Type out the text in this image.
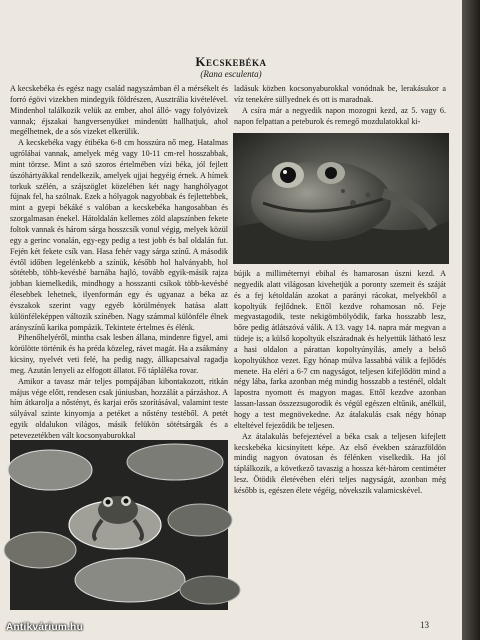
Kecskebéka
(Rana esculenta)

A kecskebéka és egész nagy család nagyszámban él a mérsékelt és forró égövi vizekben mindegyik földrészen, Ausztrália kivételével. Mindenhol találkozik velük az ember, ahol álló- vagy folyóvizek vannak; éjszakai hangversenyüket mindenütt hallhatjuk, ahol megélhetnek, de a sós vizeket elkerülik.

A kecskebéka vagy étibéka 6-8 cm hosszúra nő meg. Hatalmas ugrólábai vannak, amelyek még vagy 10-11 cm-rel hosszabbak, mint törzse. Mint a szó szoros értelmében vízi béka, jól fejlett úszóhártyákkal rendelkezik, amelyek ujjai hegyéig érnek. A hímek torkuk szélén, a szájszöglet közelében két nagy hanghólyagot fújnak fel, ha szólnak. Ezek a hólyagok nagyobbak és fejlettebbek, mint a gyepi békáké s valóban a kecskebéka hangosabban és szorgalmasan énekel. Hátoldalán kellemes zöld alapszínben fekete foltok vannak és három sárga hosszcsík vonul végig, melyek közül egy a gerinc vonalán, egy-egy pedig a test jobb és bal oldalán fut. Fején két fekete csík van. Hasa fehér vagy sárga színű. A második évtől időben legelénkebb a színük, később hol halványabb, hol sötétebb, több-kevésbé barnába hajló, tovább egyik-másik rajza jobban kiemelkedik, mindhogy a hosszanti csíkok több-kevésbé élesebbek lehetnek, ilyenformán egy és ugyanaz a béka az évszakok szerint vagy egyéb körülmények hatása alatt különféleképpen változik színében. Nagy számmal különféle élnek arányszínű karika pompázik. Tekintete értelmes és élénk.

Pihenőhelyéről, mintha csak lesben állana, mindenre figyel, ami körülötte történik és ha préda közeleg, rávet magát. Ha a zsákmány kicsiny, nyelvét veti felé, ha pedig nagy, állkapcsaival ragadja meg. Azután lenyeli az elfogott állatot. Fő tápláléka rovar.

Amikor a tavasz már teljes pompájában kibontakozott, ritkán május vége előtt, rendesen csak júniusban, hozzálát a párzáshoz. A hím átkarolja a nőstényt, és karjai erős szorításával, valamint teste súlyával szinte kinyomja a petéket a nőstény testéből. A petét egyik oldalukon világos, másik felükön sötétsárgák és a petevezetékben vált kocsonyaburokkal

ladásuk közben kocsonyaburokkal vonódnak be, lerakásukor a víz tenekére süllyednek és ott is maradnak.

A csíra már a negyedik napon mozogni kezd, az 5. vagy 6. napon felpattan a peteburok és remegő mozdulatokkal ki-

bújik a milliméternyi ebihal és hamarosan úszni kezd. A negyedik alatt világosan kivehetjük a poronty szemeit és száját és a fej kétoldalán azokat a parányi rácokat, melyekből a kopoltyúk fejlődnek. Ettől kezdve rohamosan nő. Feje megvastagodik, teste nekigömbölyödik, farka hosszabb lesz, bőre pedig átlátszóvá válik. A 13. vagy 14. napra már megvan a tüdeje is; a külső kopoltyúk elszáradnak és helyettük látható lesz a hasi oldalon a párattan kopoltyúnyílás, amely a belső kopoltyúkhoz vezet. Egy hónap múlva lassabbá válik a fejlődés menete. Ha eléri a 6-7 cm nagyságot, teljesen kifejlődött mind a négy lába, farka azonban még mindig hosszabb a testénél, oldalt lapostra nyomott és magyon magas. Ettől kezdve azonban lassan-lassan összezsugorodik és végül egészen eltűnik, anélkül, hogy a test megnövekedne. Az átalakulás csak négy hónap elteltével fejeződik be teljesen.

Az átalakulás befejeztével a béka csak a teljesen kifejlett kecskebéka kicsinyített képe. Az első években szárazföldön mindig nagyon óvatosan és félénken viselkedik. Ha jól táplálkozik, a következő tavaszig a hossza két-három centiméter lesz. Ötödik életévében eléri teljes nagyságát, azonban még később is, egészen élete végéig, növekszik valamicskével.

13
Antikvárium.hu
